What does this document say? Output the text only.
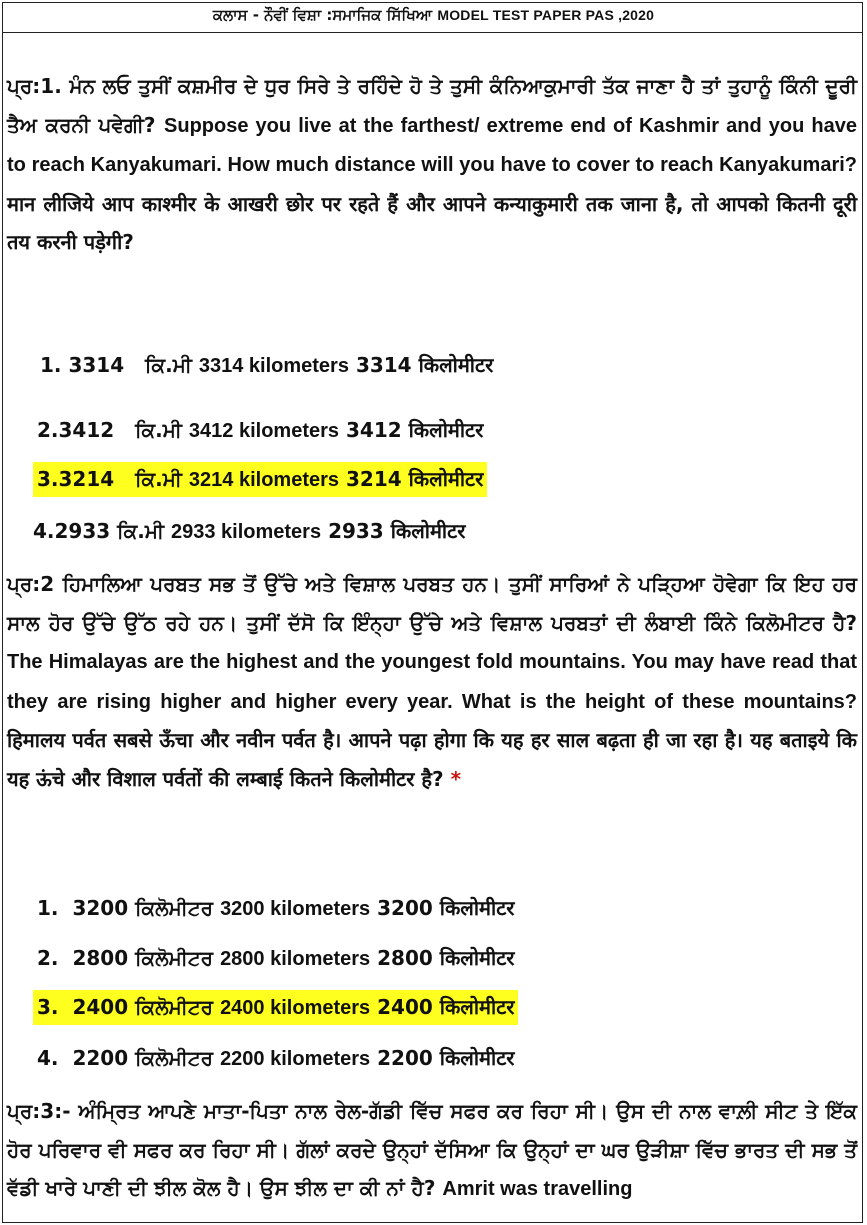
ਕਲਾਸ - ਨੌਵੀਂ ਵਿਸ਼ਾ :ਸਮਾਜਿਕ ਸਿੱਖਿਆ MODEL TEST PAPER PAS ,2020

ਪ੍ਰ:1. ਮੰਨ ਲਓ ਤੁਸੀਂ ਕਸ਼ਮੀਰ ਦੇ ਧੁਰ ਸਿਰੇ ਤੇ ਰਹਿੰਦੇ ਹੋ ਤੇ ਤੁਸੀ ਕੰਨਿਆਕੁਮਾਰੀ ਤੱਕ ਜਾਣਾ ਹੈ ਤਾਂ ਤੁਹਾਨੂੰ ਕਿੰਨੀ ਦੂਰੀ ਤੈਅ ਕਰਨੀ ਪਵੇਗੀ? Suppose you live at the farthest/ extreme end of Kashmir and you have to reach Kanyakumari. How much distance will you have to cover to reach Kanyakumari? मान लीजिये आप काश्मीर के आखरी छोर पर रहते हैं और आपने कन्याकुमारी तक जाना है, तो आपको कितनी दूरी तय करनी पड़ेगी?

1. 3314 ਕਿ.ਮੀ 3314 kilometers 3314 किलोमीटर
2.3412 ਕਿ.ਮੀ 3412 kilometers 3412 किलोमीटर
3.3214 ਕਿ.ਮੀ 3214 kilometers 3214 किलोमीटर
4.2933 ਕਿ.ਮੀ 2933 kilometers 2933 किलोमीटर

ਪ੍ਰ:2 ਹਿਮਾਲਿਆ ਪਰਬਤ ਸਭ ਤੋਂ ਉੱਚੇ ਅਤੇ ਵਿਸ਼ਾਲ ਪਰਬਤ ਹਨ। ਤੁਸੀਂ ਸਾਰਿਆਂ ਨੇ ਪੜ੍ਹਿਆ ਹੋਵੇਗਾ ਕਿ ਇਹ ਹਰ ਸਾਲ ਹੋਰ ਉੱਚੇ ਉੱਠ ਰਹੇ ਹਨ। ਤੁਸੀਂ ਦੱਸੋ ਕਿ ਇੰਨ੍ਹਾ ਉੱਚੇ ਅਤੇ ਵਿਸ਼ਾਲ ਪਰਬਤਾਂ ਦੀ ਲੰਬਾਈ ਕਿੰਨੇ ਕਿਲੋਮੀਟਰ ਹੈ? The Himalayas are the highest and the youngest fold mountains. You may have read that they are rising higher and higher every year. What is the height of these mountains? हिमालय पर्वत सबसे ऊँचा और नवीन पर्वत है। आपने पढ़ा होगा कि यह हर साल बढ़ता ही जा रहा है। यह बताइये कि यह ऊंचे और विशाल पर्वतों की लम्बाई कितने किलोमीटर है? *

1. 3200 ਕਿਲੋਮੀਟਰ 3200 kilometers 3200 किलोमीटर
2. 2800 ਕਿਲੋਮੀਟਰ 2800 kilometers 2800 किलोमीटर
3. 2400 ਕਿਲੋਮੀਟਰ 2400 kilometers 2400 किलोमीटर
4. 2200 ਕਿਲੋਮੀਟਰ 2200 kilometers 2200 किलोमीटर

ਪ੍ਰ:3:- ਅੰਮ੍ਰਿਤ ਆਪਣੇ ਮਾਤਾ-ਪਿਤਾ ਨਾਲ ਰੇਲ-ਗੱਡੀ ਵਿੱਚ ਸਫਰ ਕਰ ਰਿਹਾ ਸੀ। ਉਸ ਦੀ ਨਾਲ ਵਾਲ਼ੀ ਸੀਟ ਤੇ ਇੱਕ ਹੋਰ ਪਰਿਵਾਰ ਵੀ ਸਫਰ ਕਰ ਰਿਹਾ ਸੀ। ਗੱਲਾਂ ਕਰਦੇ ਉਨ੍ਹਾਂ ਦੱਸਿਆ ਕਿ ਉਨ੍ਹਾਂ ਦਾ ਘਰ ਉੜੀਸ਼ਾ ਵਿੱਚ ਭਾਰਤ ਦੀ ਸਭ ਤੋਂ ਵੱਡੀ ਖਾਰੇ ਪਾਣੀ ਦੀ ਝੀਲ ਕੋਲ ਹੈ। ਉਸ ਝੀਲ ਦਾ ਕੀ ਨਾਂ ਹੈ? Amrit was travelling
